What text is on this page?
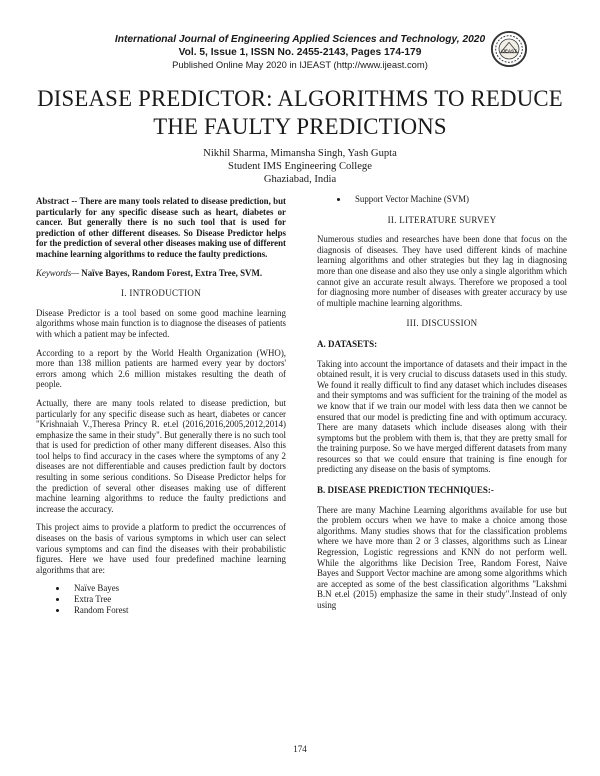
International Journal of Engineering Applied Sciences and Technology, 2020
Vol. 5, Issue 1, ISSN No. 2455-2143, Pages 174-179
Published Online May 2020 in IJEAST (http://www.ijeast.com)
IJEAST
DISEASE PREDICTOR: ALGORITHMS TO REDUCE THE FAULTY PREDICTIONS
Nikhil Sharma, Mimansha Singh, Yash Gupta
Student IMS Engineering College
Ghaziabad, India

Abstract -- There are many tools related to disease prediction, but particularly for any specific disease such as heart, diabetes or cancer. But generally there is no such tool that is used for prediction of other different diseases. So Disease Predictor helps for the prediction of several other diseases making use of different machine learning algorithms to reduce the faulty predictions.

Keywords— Naïve Bayes, Random Forest, Extra Tree, SVM.

I. INTRODUCTION

Disease Predictor is a tool based on some good machine learning algorithms whose main function is to diagnose the diseases of patients with which a patient may be infected.

According to a report by the World Health Organization (WHO), more than 138 million patients are harmed every year by doctors' errors among which 2.6 million mistakes resulting the death of people.

Actually, there are many tools related to disease prediction, but particularly for any specific disease such as heart, diabetes or cancer "Krishnaiah V.,Theresa Princy R. et.el (2016,2016,2005,2012,2014) emphasize the same in their study". But generally there is no such tool that is used for prediction of other many different diseases. Also this tool helps to find accuracy in the cases where the symptoms of any 2 diseases are not differentiable and causes prediction fault by doctors resulting in some serious conditions. So Disease Predictor helps for the prediction of several other diseases making use of different machine learning algorithms to reduce the faulty predictions and increase the accuracy.

This project aims to provide a platform to predict the occurrences of diseases on the basis of various symptoms in which user can select various symptoms and can find the diseases with their probabilistic figures. Here we have used four predefined machine learning algorithms that are:

• Naïve Bayes
• Extra Tree
• Random Forest
• Support Vector Machine (SVM)
II. LITERATURE SURVEY

Numerous studies and researches have been done that focus on the diagnosis of diseases. They have used different kinds of machine learning algorithms and other strategies but they lag in diagnosing more than one disease and also they use only a single algorithm which cannot give an accurate result always. Therefore we proposed a tool for diagnosing more number of diseases with greater accuracy by use of multiple machine learning algorithms.

III. DISCUSSION
A. DATASETS:

Taking into account the importance of datasets and their impact in the obtained result, it is very crucial to discuss datasets used in this study. We found it really difficult to find any dataset which includes diseases and their symptoms and was sufficient for the training of the model as we know that if we train our model with less data then we cannot be ensured that our model is predicting fine and with optimum accuracy. There are many datasets which include diseases along with their symptoms but the problem with them is, that they are pretty small for the training purpose. So we have merged different datasets from many resources so that we could ensure that training is fine enough for predicting any disease on the basis of symptoms.

B. DISEASE PREDICTION TECHNIQUES:-

There are many Machine Learning algorithms available for use but the problem occurs when we have to make a choice among those algorithms. Many studies shows that for the classification problems where we have more than 2 or 3 classes, algorithms such as Linear Regression, Logistic regressions and KNN do not perform well. While the algorithms like Decision Tree, Random Forest, Naive Bayes and Support Vector machine are among some algorithms which are accepted as some of the best classification algorithms "Lakshmi B.N et.el (2015) emphasize the same in their study".Instead of only using

174
